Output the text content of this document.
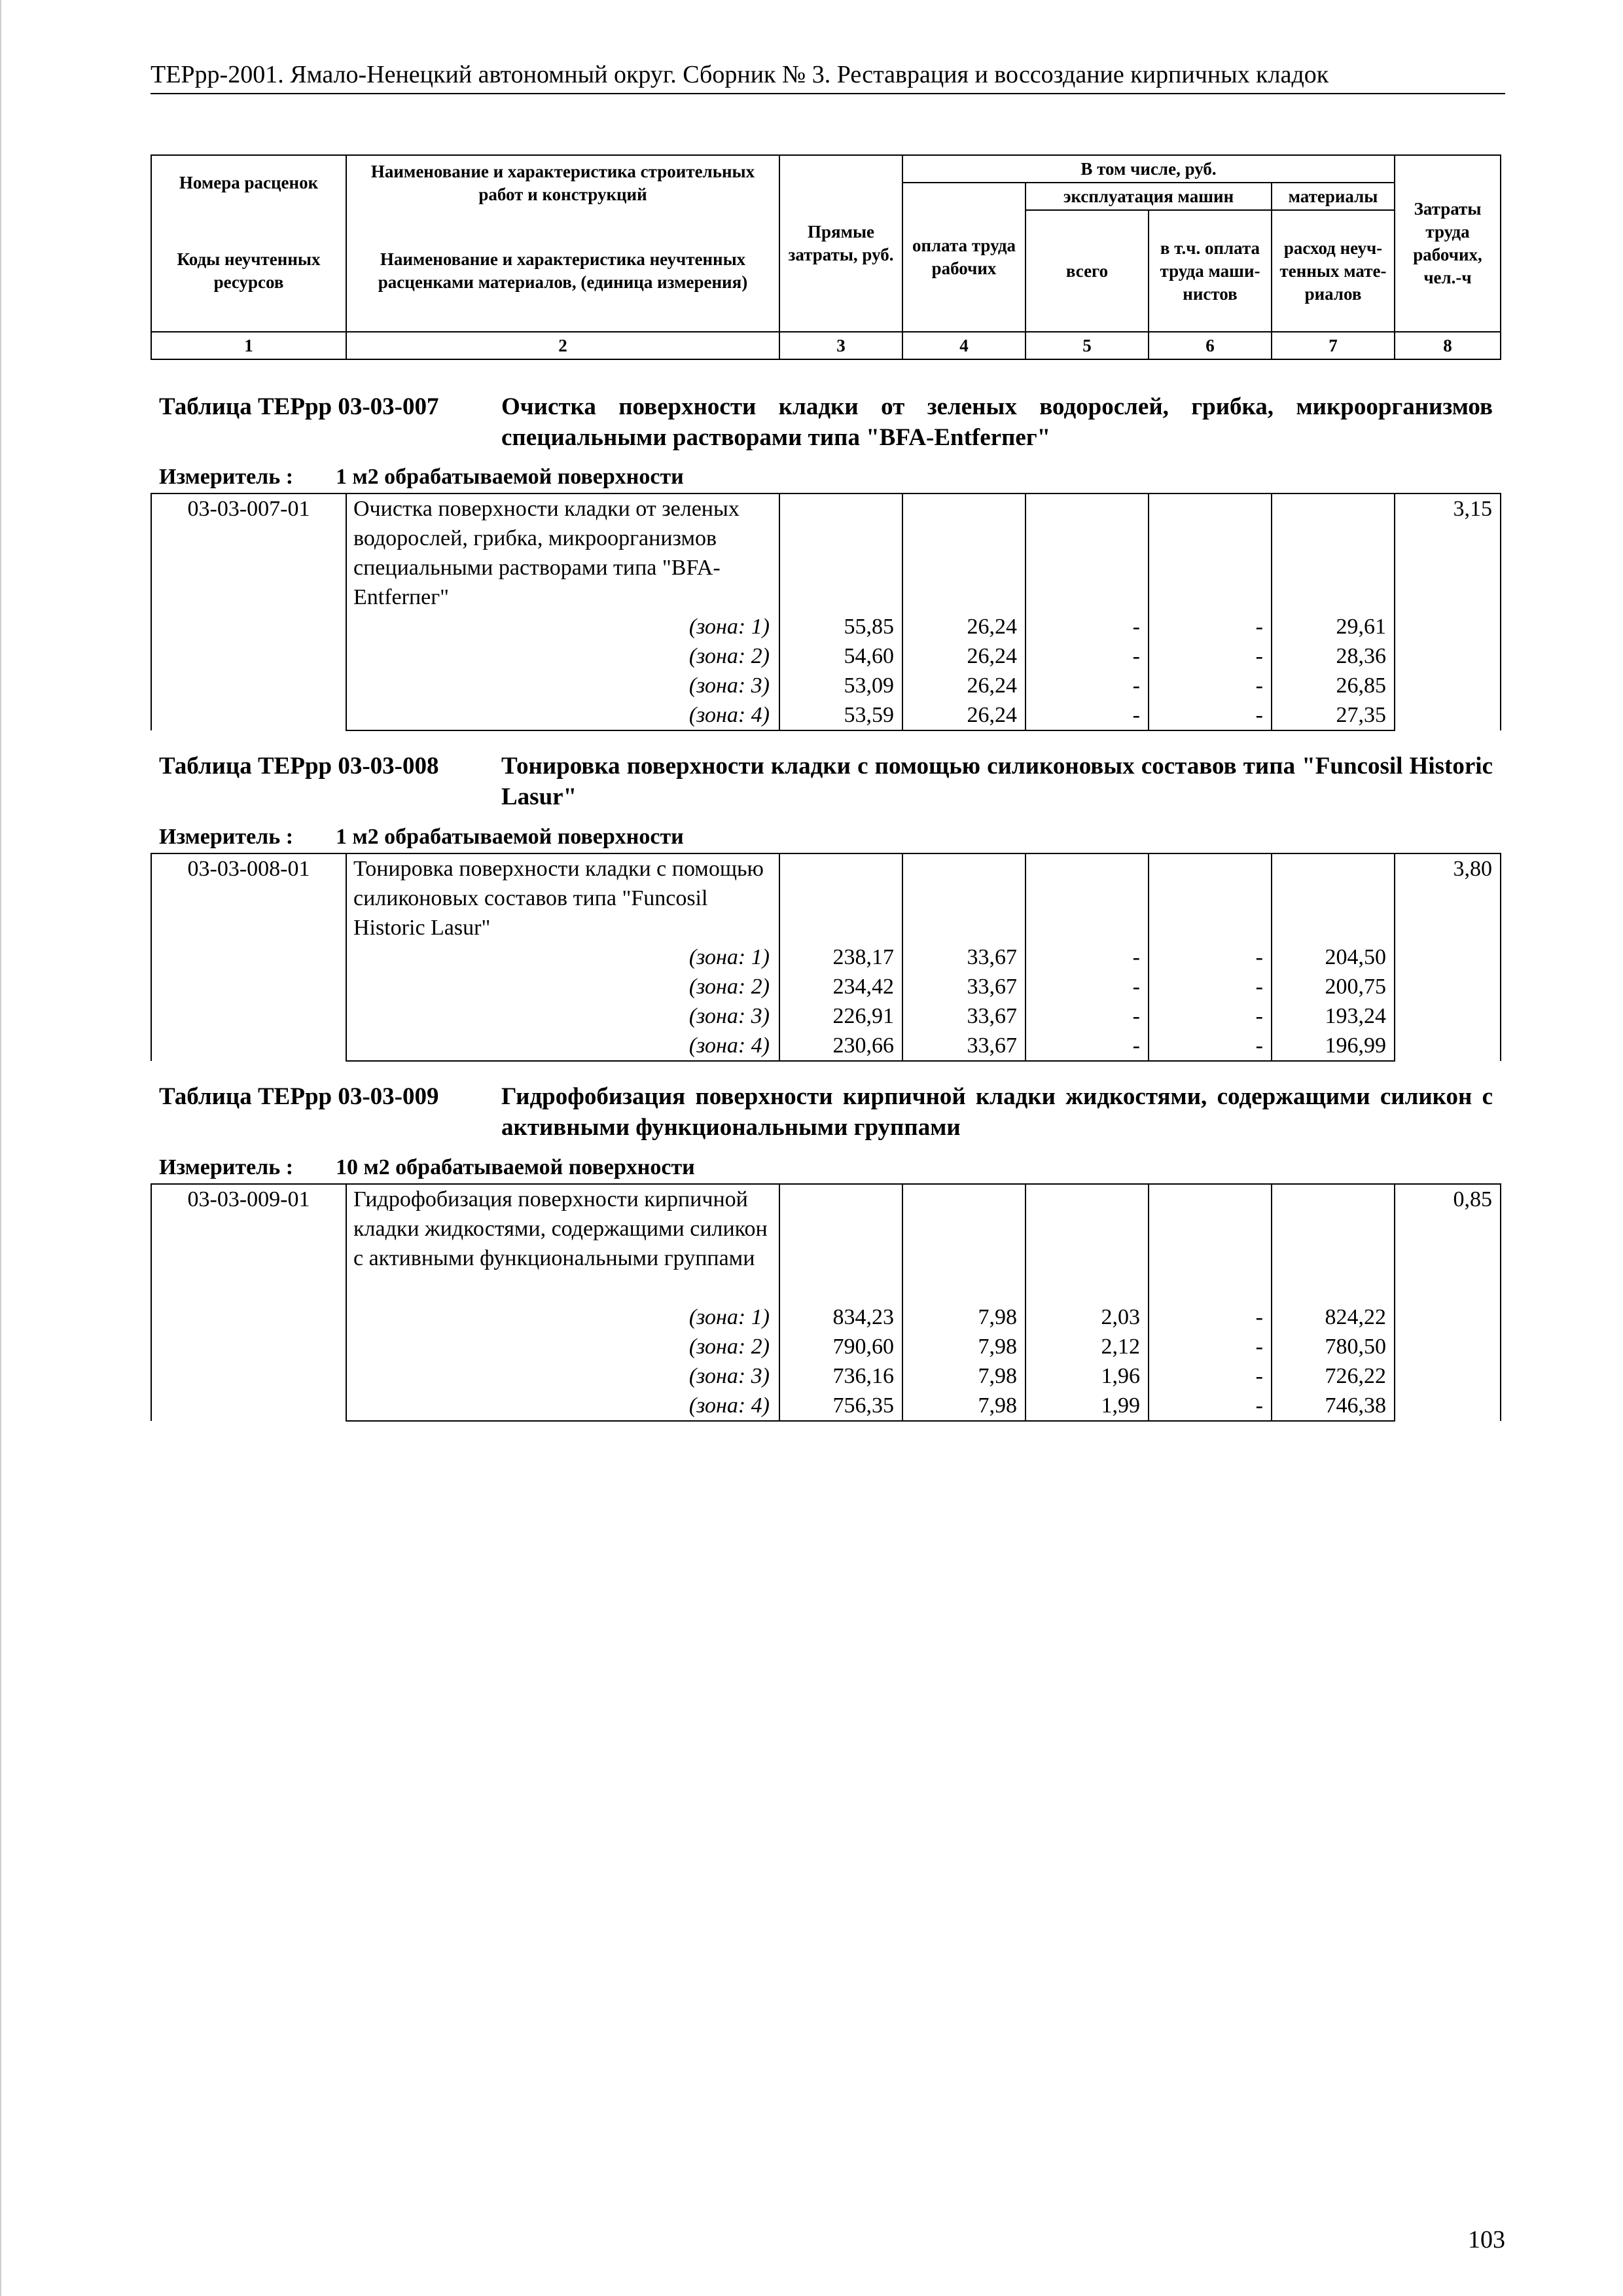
ТЕРрр-2001. Ямало-Ненецкий автономный округ. Сборник № 3. Реставрация и воссоздание кирпичных кладок
Номера расценок	Наименование и характеристика строительных работ и конструкций	Прямые затраты, руб.	В том числе, руб.				Затраты труда рабочих, чел.-ч
			оплата труда рабочих	эксплуатация машин		материалы	
Коды неучтенных ресурсов	Наименование и характеристика неучтенных расценками материалов, (единица измерения)			всего	в т.ч. оплата труда маши- нистов	расход неуч- тенных мате- риалов	

1	2	3	4	5	6	7	8
Таблица ТЕРрр 03-03-007	Очистка поверхности кладки от зеленых водорослей, грибка, микроорганизмов специальными растворами типа "BFA-Entfеrпег"
Измеритель : 1 м2 обрабатываемой поверхности
03-03-007-01	Очистка поверхности кладки от зеленых водорослей, грибка, микроорганизмов специальными растворами типа "BFA-Entfеrпег"						3,15
	(зона: 1)	55,85	26,24	-	-	29,61	
	(зона: 2)	54,60	26,24	-	-	28,36	
	(зона: 3)	53,09	26,24	-	-	26,85	
	(зона: 4)	53,59	26,24	-	-	27,35	
Таблица ТЕРрр 03-03-008	Тонировка поверхности кладки с помощью силиконовых составов типа "Funcosil Historic Lasur"
Измеритель : 1 м2 обрабатываемой поверхности
03-03-008-01	Тонировка поверхности кладки с помощью силиконовых составов типа "Funcosil Historic Lasur"						3,80
	(зона: 1)	238,17	33,67	-	-	204,50	
	(зона: 2)	234,42	33,67	-	-	200,75	
	(зона: 3)	226,91	33,67	-	-	193,24	
	(зона: 4)	230,66	33,67	-	-	196,99	
Таблица ТЕРрр 03-03-009	Гидрофобизация поверхности кирпичной кладки жидкостями, содержащими силикон с активными функциональными группами
Измеритель : 10 м2 обрабатываемой поверхности
03-03-009-01	Гидрофобизация поверхности кирпичной кладки жидкостями, содержащими силикон с активными функциональными группами						0,85
	(зона: 1)	834,23	7,98	2,03	-	824,22	
	(зона: 2)	790,60	7,98	2,12	-	780,50	
	(зона: 3)	736,16	7,98	1,96	-	726,22	
	(зона: 4)	756,35	7,98	1,99	-	746,38	
103
